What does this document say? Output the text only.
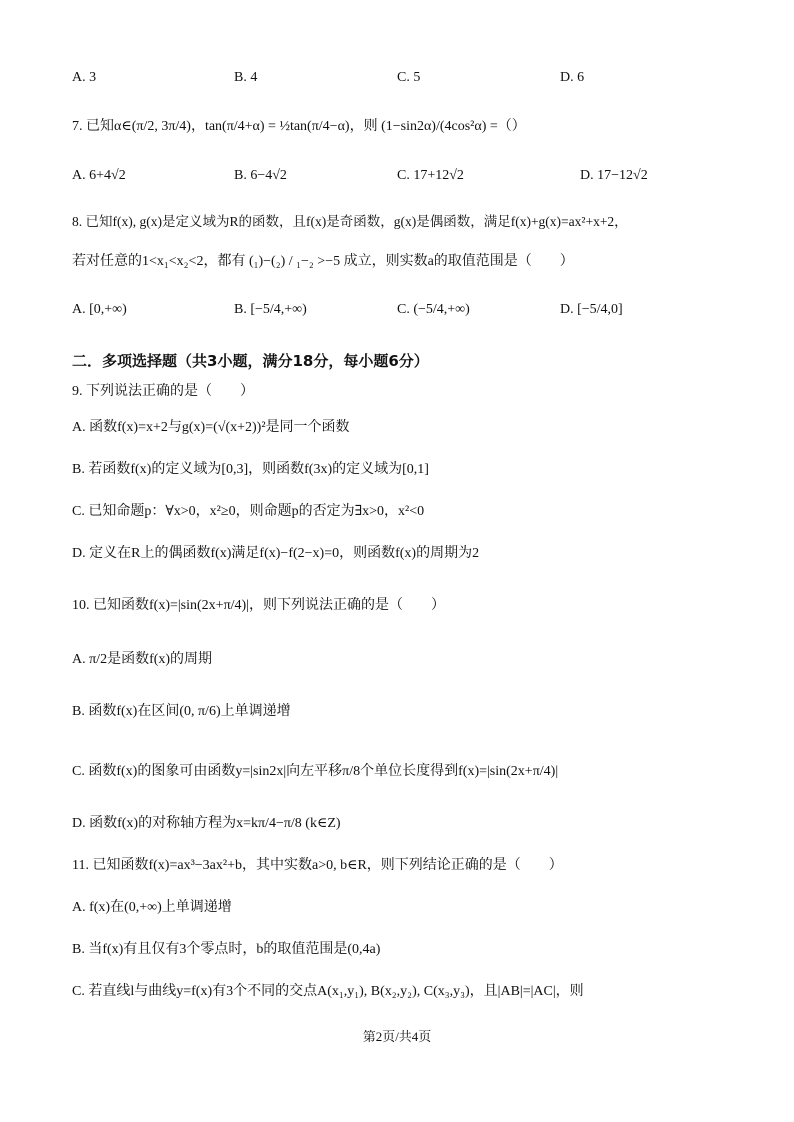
A. 3	B. 4	C. 5	D. 6
7. 已知α∈(π/2, 3π/4)，tan(π/4+α) = ½tan(π/4−α)，则 (1−sin2α)/(4cos²α) =（）
A. 6+4√2	B. 6−4√2	C. 17+12√2	D. 17−12√2
8. 已知f(x), g(x)是定义域为R的函数，且f(x)是奇函数，g(x)是偶函数，满足f(x)+g(x)=ax²+x+2，
若对任意的1<x₁<x₂<2，都有 (₁)−(₂) / ₁−₂ >−5 成立，则实数a的取值范围是（　　）
A. [0,+∞)	B. [−5/4,+∞)	C. (−5/4,+∞)	D. [−5/4,0]
二．多项选择题（共3小题，满分18分，每小题6分）
9. 下列说法正确的是（　　）
A. 函数f(x)=x+2与g(x)=(√(x+2))²是同一个函数
B. 若函数f(x)的定义域为[0,3]，则函数f(3x)的定义域为[0,1]
C. 已知命题p：∀x>0，x²≥0，则命题p的否定为∃x>0，x²<0
D. 定义在R上的偶函数f(x)满足f(x)−f(2−x)=0，则函数f(x)的周期为2
10. 已知函数f(x)=|sin(2x+π/4)|，则下列说法正确的是（　　）
A. π/2是函数f(x)的周期
B. 函数f(x)在区间(0, π/6)上单调递增
C. 函数f(x)的图象可由函数y=|sin2x|向左平移π/8个单位长度得到f(x)=|sin(2x+π/4)|
D. 函数f(x)的对称轴方程为x=kπ/4−π/8 (k∈Z)
11. 已知函数f(x)=ax³−3ax²+b，其中实数a>0, b∈R，则下列结论正确的是（　　）
A. f(x)在(0,+∞)上单调递增
B. 当f(x)有且仅有3个零点时，b的取值范围是(0,4a)
C. 若直线l与曲线y=f(x)有3个不同的交点A(x₁,y₁), B(x₂,y₂), C(x₃,y₃)，且|AB|=|AC|，则
第2页/共4页
